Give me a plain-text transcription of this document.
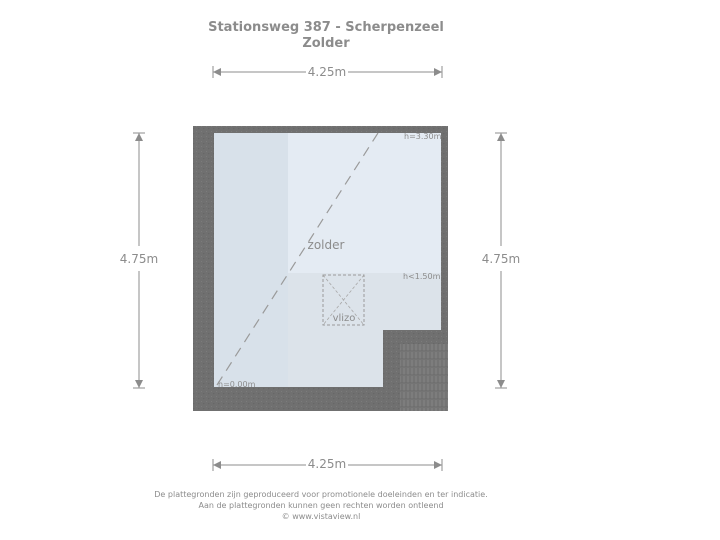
Stationsweg 387 - Scherpenzeel
Zolder
4.25m
4.25m
4.75m	4.75m
vlizo
zolder
h=3.30m
h<1.50m
h=0.00m
De plattegronden zijn geproduceerd voor promotionele doeleinden en ter indicatie.
Aan de plattegronden kunnen geen rechten worden ontleend
© www.vistaview.nl
